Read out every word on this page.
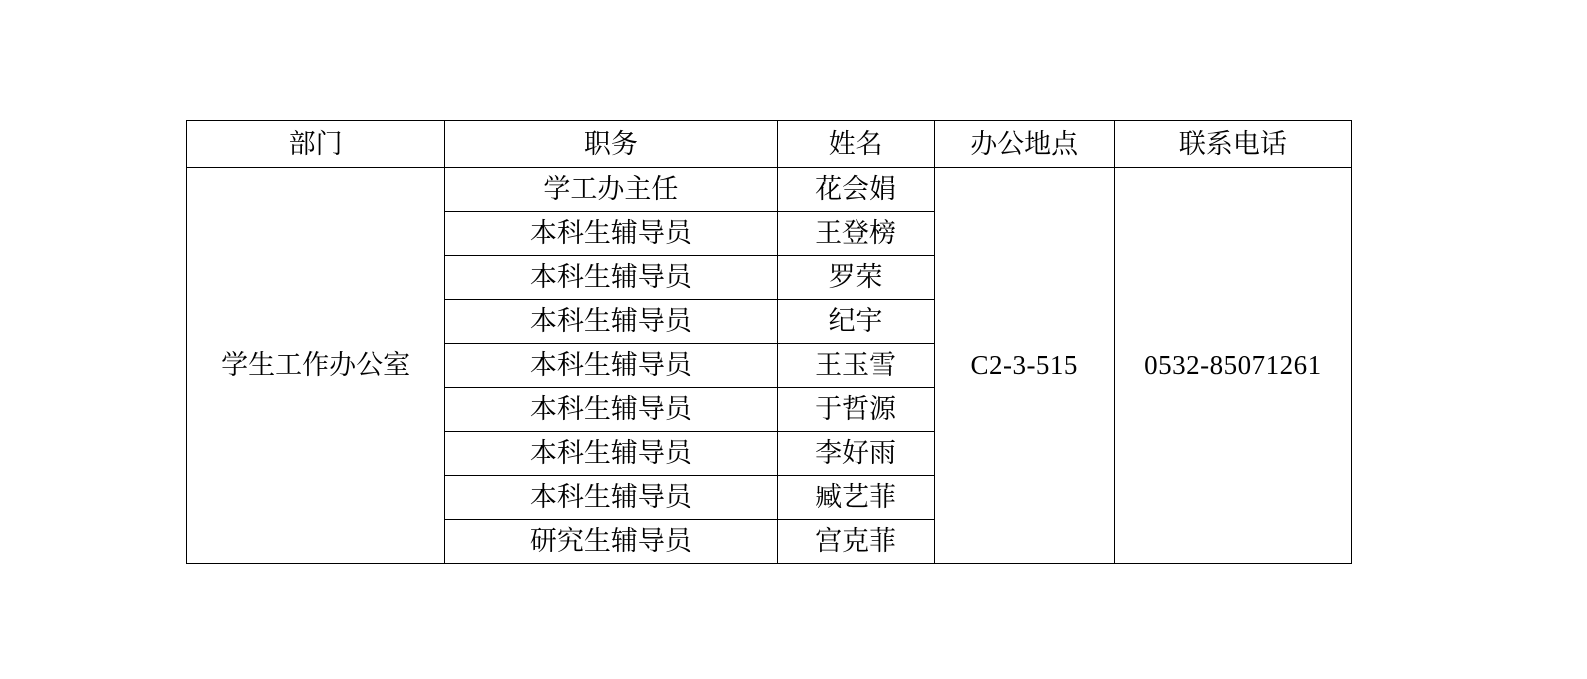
部门	职务	姓名	办公地点	联系电话
学生工作办公室	学工办主任	花会娟	C2-3-515	0532-85071261
	本科生辅导员	王登榜		
	本科生辅导员	罗荣		
	本科生辅导员	纪宇		
	本科生辅导员	王玉雪		
	本科生辅导员	于哲源		
	本科生辅导员	李好雨		
	本科生辅导员	臧艺菲		
	研究生辅导员	宫克菲		
